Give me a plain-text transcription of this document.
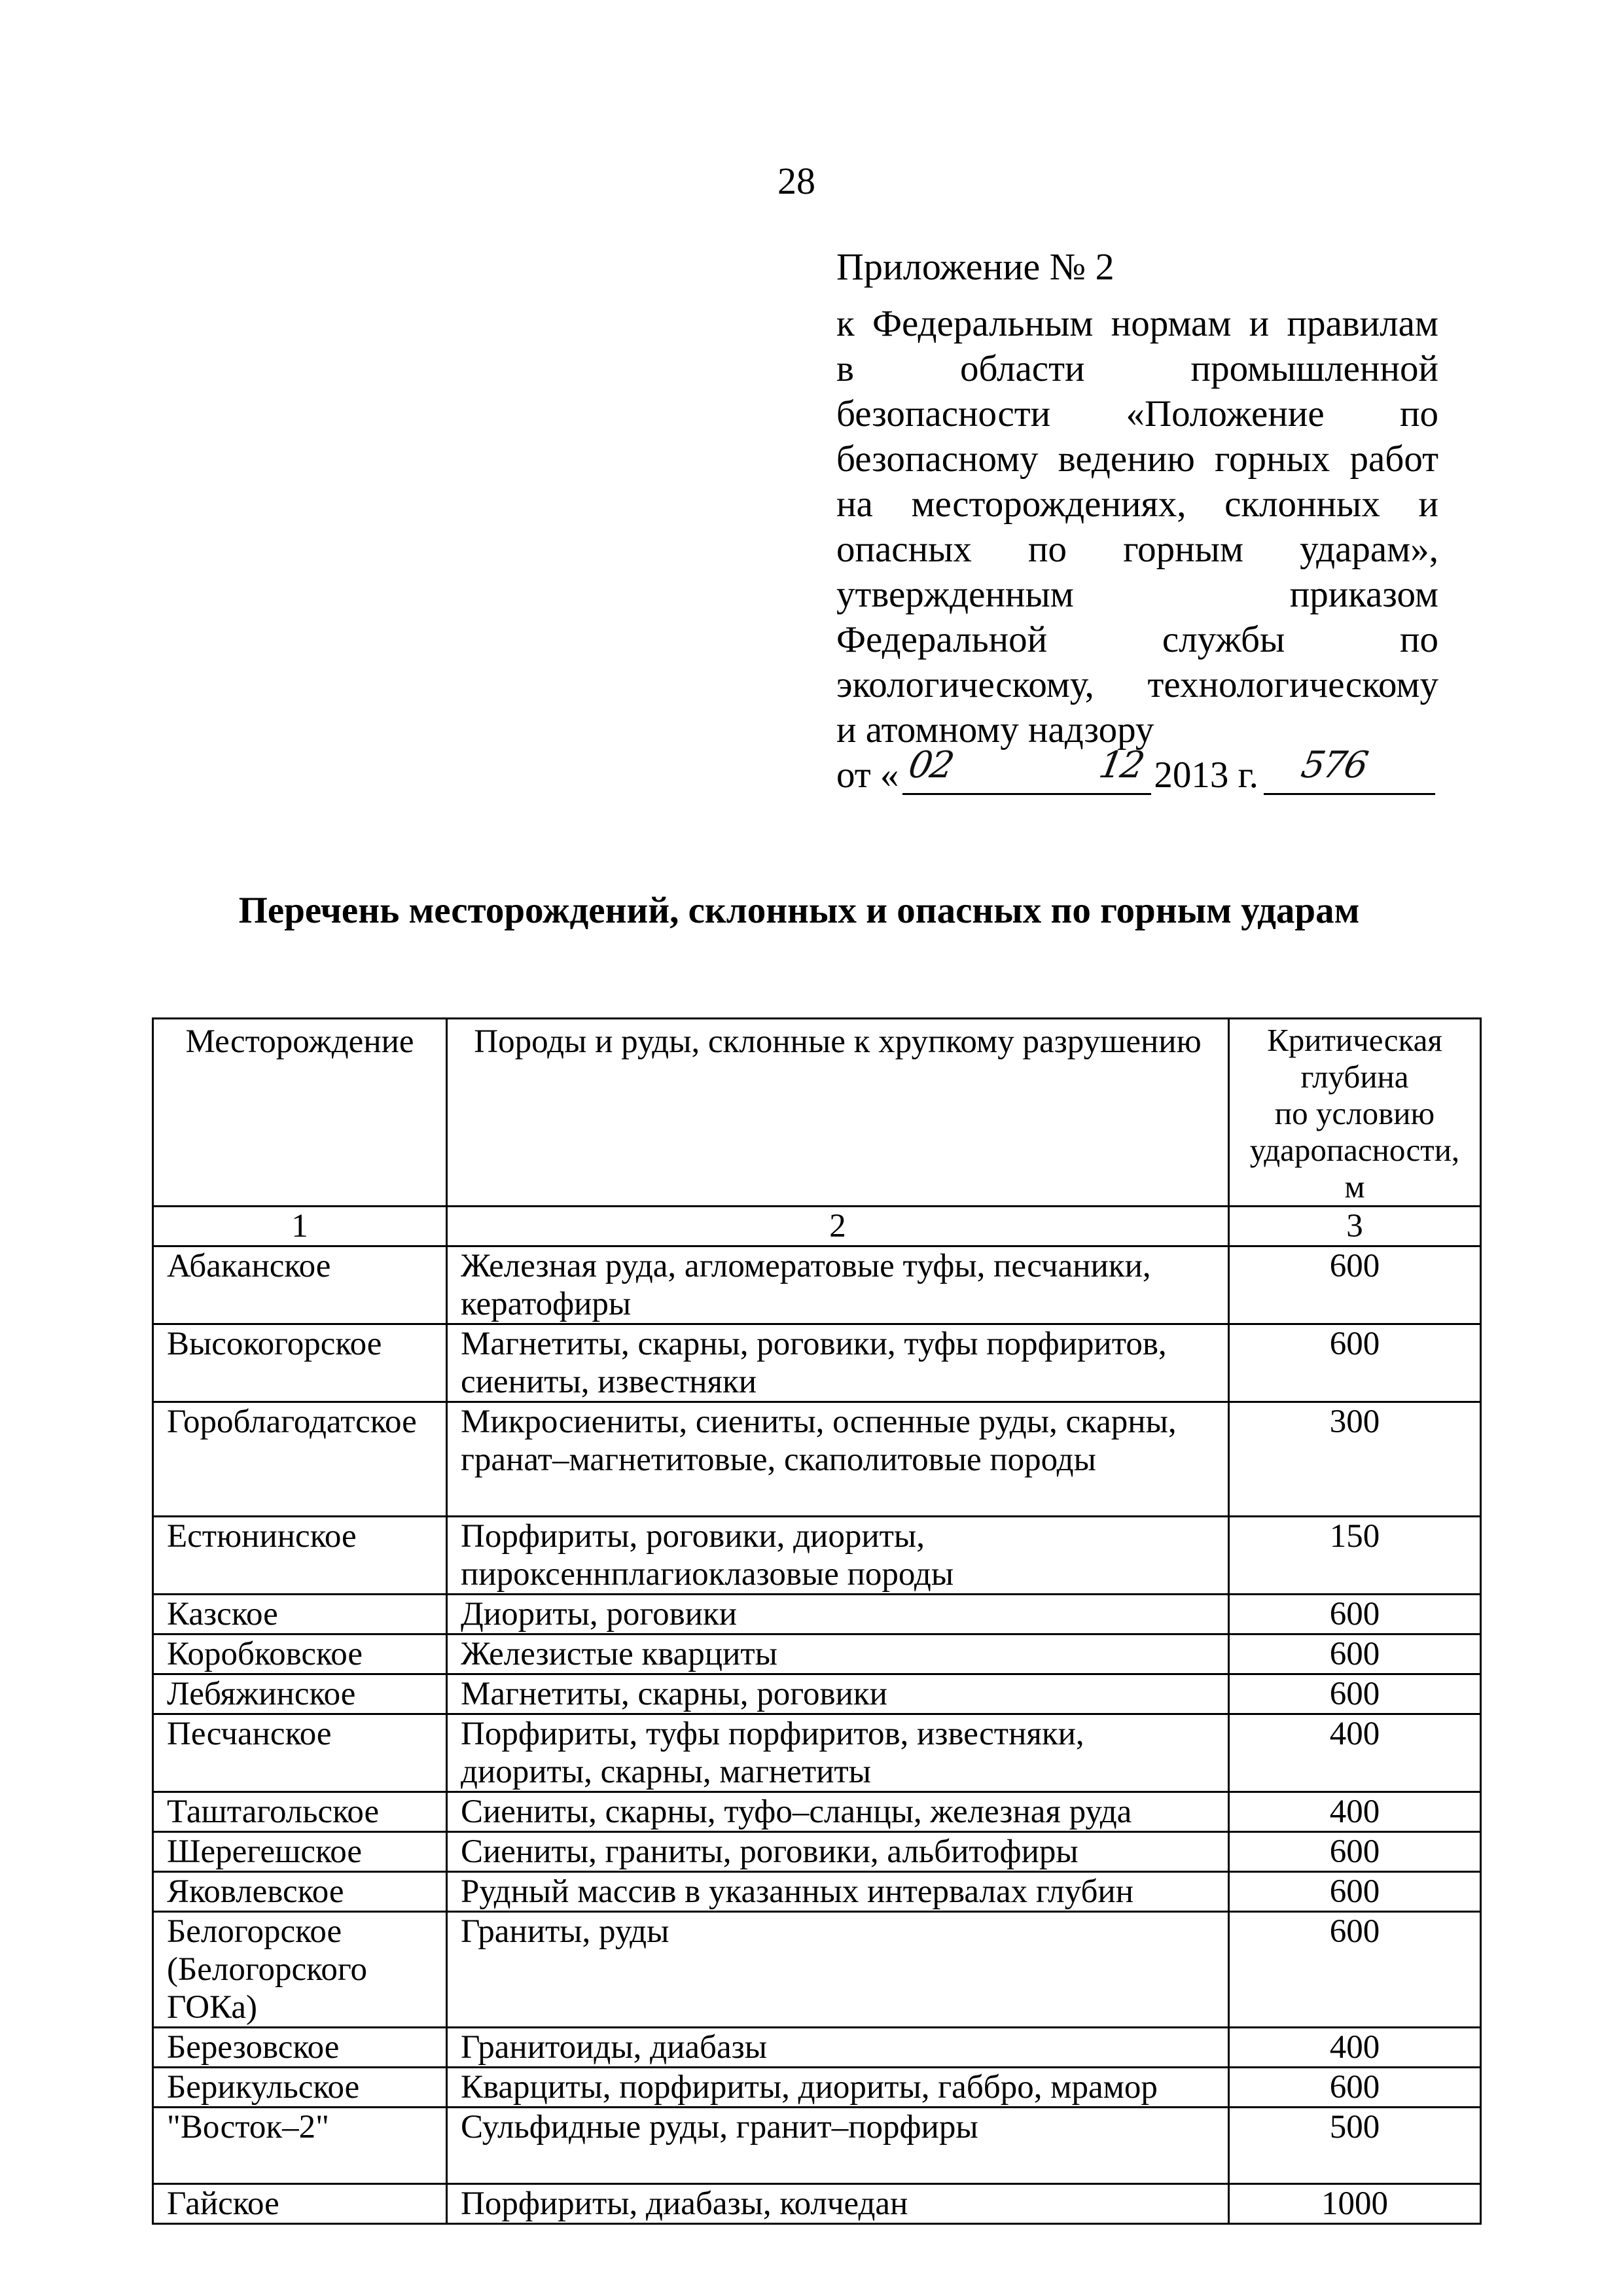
28
Приложение № 2
к Федеральным нормам и правилам
в области промышленной
безопасности «Положение по
безопасному ведению горных работ
на месторождениях, склонных и
опасных по горным ударам»,
утвержденным приказом
Федеральной службы по
экологическому, технологическому
и атомному надзору
от « 02	12 2013 г. 576
Перечень месторождений, склонных и опасных по горным ударам
Месторождение	Породы и руды, склонные к хрупкому разрушению	Критическая
глубина
по условию
ударопасности,
м

1	2	3

Абаканское	Железная руда, агломератовые туфы, песчаники,
кератофиры	600

Высокогорское	Магнетиты, скарны, роговики, туфы порфиритов,
сиениты, известняки	600

Гороблагодатское	Микросиениты, сиениты, оспенные руды, скарны,
гранат–магнетитовые, скаполитовые породы	300

Естюнинское	Порфириты, роговики, диориты,
пироксеннплагиоклазовые породы	150

Казское	Диориты, роговики	600

Коробковское	Железистые кварциты	600

Лебяжинское	Магнетиты, скарны, роговики	600

Песчанское	Порфириты, туфы порфиритов, известняки,
диориты, скарны, магнетиты	400

Таштагольское	Сиениты, скарны, туфо–сланцы, железная руда	400

Шерегешское	Сиениты, граниты, роговики, альбитофиры	600

Яковлевское	Рудный массив в указанных интервалах глубин	600

Белогорское
(Белогорского
ГОКа)	Граниты, руды	600

Березовское	Гранитоиды, диабазы	400

Берикульское	Кварциты, порфириты, диориты, габбро, мрамор	600

"Восток–2"	Сульфидные руды, гранит–порфиры	500

Гайское	Порфириты, диабазы, колчедан	1000
